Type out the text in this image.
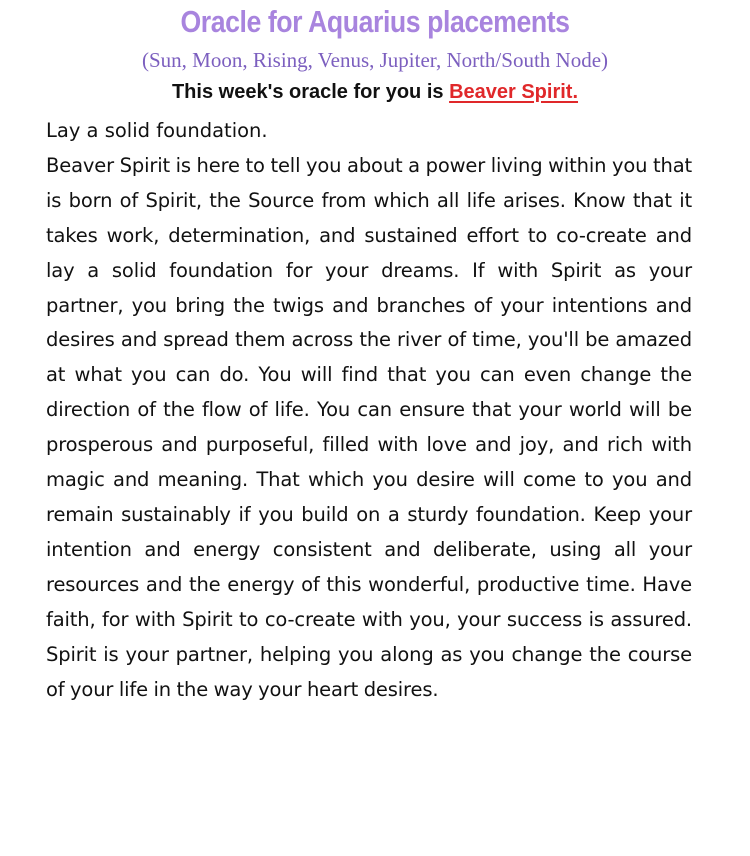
Oracle for Aquarius placements
(Sun, Moon, Rising, Venus, Jupiter, North/South Node)
This week's oracle for you is Beaver Spirit.
Lay a solid foundation.
Beaver Spirit is here to tell you about a power living within you that is born of Spirit, the Source from which all life arises. Know that it takes work, determination, and sustained effort to co-create and lay a solid foundation for your dreams. If with Spirit as your partner, you bring the twigs and branches of your intentions and desires and spread them across the river of time, you'll be amazed at what you can do. You will find that you can even change the direction of the flow of life. You can ensure that your world will be prosperous and purposeful, filled with love and joy, and rich with magic and meaning. That which you desire will come to you and remain sustainably if you build on a sturdy foundation. Keep your intention and energy consistent and deliberate, using all your resources and the energy of this wonderful, productive time. Have faith, for with Spirit to co-create with you, your success is assured. Spirit is your partner, helping you along as you change the course of your life in the way your heart desires.
